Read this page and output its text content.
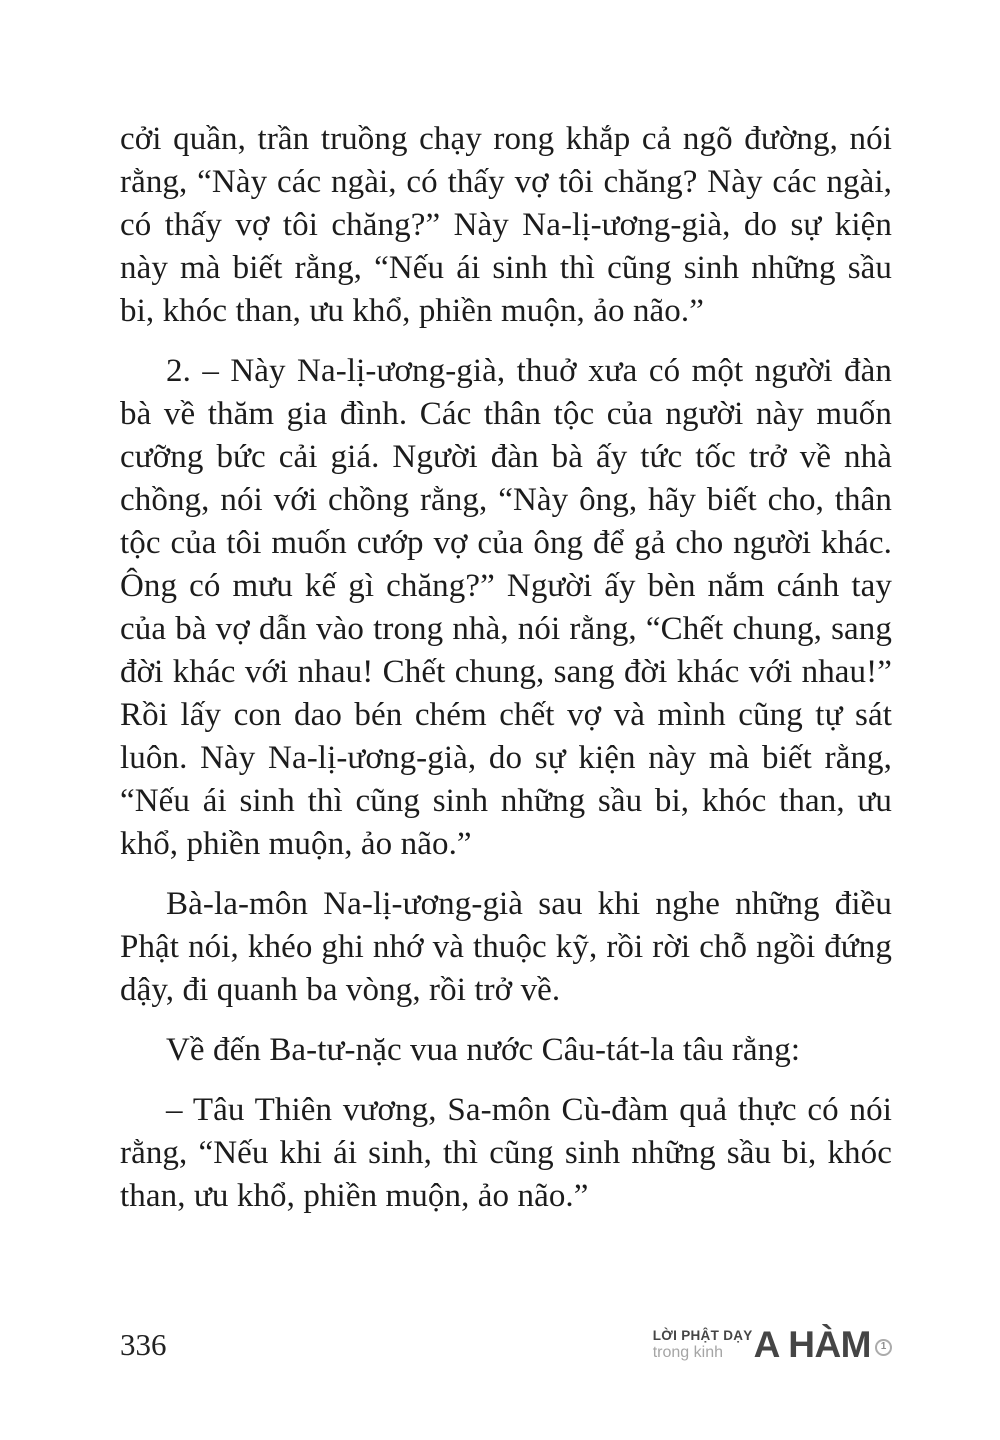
cởi quần, trần truồng chạy rong khắp cả ngõ đường, nói rằng, “Này các ngài, có thấy vợ tôi chăng? Này các ngài, có thấy vợ tôi chăng?” Này Na-lị-ương-già, do sự kiện này mà biết rằng, “Nếu ái sinh thì cũng sinh những sầu bi, khóc than, ưu khổ, phiền muộn, ảo não.”

2. – Này Na-lị-ương-già, thuở xưa có một người đàn bà về thăm gia đình. Các thân tộc của người này muốn cưỡng bức cải giá. Người đàn bà ấy tức tốc trở về nhà chồng, nói với chồng rằng, “Này ông, hãy biết cho, thân tộc của tôi muốn cướp vợ của ông để gả cho người khác. Ông có mưu kế gì chăng?” Người ấy bèn nắm cánh tay của bà vợ dẫn vào trong nhà, nói rằng, “Chết chung, sang đời khác với nhau! Chết chung, sang đời khác với nhau!” Rồi lấy con dao bén chém chết vợ và mình cũng tự sát luôn. Này Na-lị-ương-già, do sự kiện này mà biết rằng, “Nếu ái sinh thì cũng sinh những sầu bi, khóc than, ưu khổ, phiền muộn, ảo não.”

Bà-la-môn Na-lị-ương-già sau khi nghe những điều Phật nói, khéo ghi nhớ và thuộc kỹ, rồi rời chỗ ngồi đứng dậy, đi quanh ba vòng, rồi trở về.

Về đến Ba-tư-nặc vua nước Câu-tát-la tâu rằng:

– Tâu Thiên vương, Sa-môn Cù-đàm quả thực có nói rằng, “Nếu khi ái sinh, thì cũng sinh những sầu bi, khóc than, ưu khổ, phiền muộn, ảo não.”

336	LỜI PHẬT DẠY
trong kinh A HÀM 1
